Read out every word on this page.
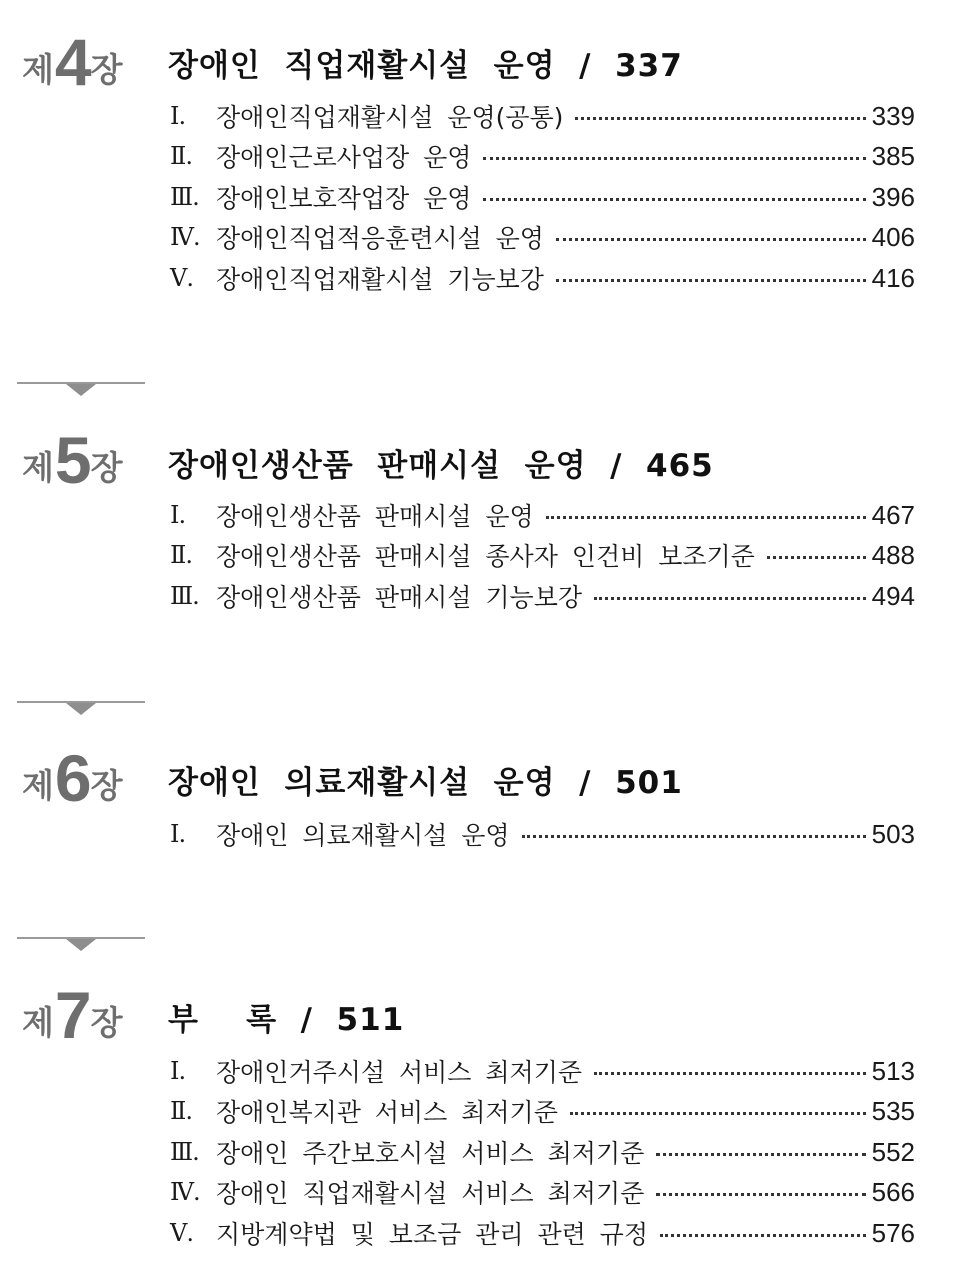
제4장 장애인  직업재활시설  운영  /  337
Ⅰ.	장애인직업재활시설 운영(공통)	339
Ⅱ. 장애인근로사업장 운영	385
Ⅲ. 장애인보호작업장 운영	396
Ⅳ. 장애인직업적응훈련시설 운영	406
Ⅴ. 장애인직업재활시설 기능보강	416
제5장 장애인생산품  판매시설  운영  /  465
Ⅰ.	장애인생산품 판매시설 운영	467
Ⅱ. 장애인생산품 판매시설 종사자 인건비 보조기준	488
Ⅲ. 장애인생산품 판매시설 기능보강	494
제6장 장애인  의료재활시설  운영  /  501
Ⅰ.	장애인 의료재활시설 운영	503
제7장 부    록  /  511
Ⅰ.	장애인거주시설 서비스 최저기준	513
Ⅱ. 장애인복지관 서비스 최저기준	535
Ⅲ. 장애인 주간보호시설 서비스 최저기준	552
Ⅳ. 장애인 직업재활시설 서비스 최저기준	566
Ⅴ. 지방계약법 및 보조금 관리 관련 규정	576
